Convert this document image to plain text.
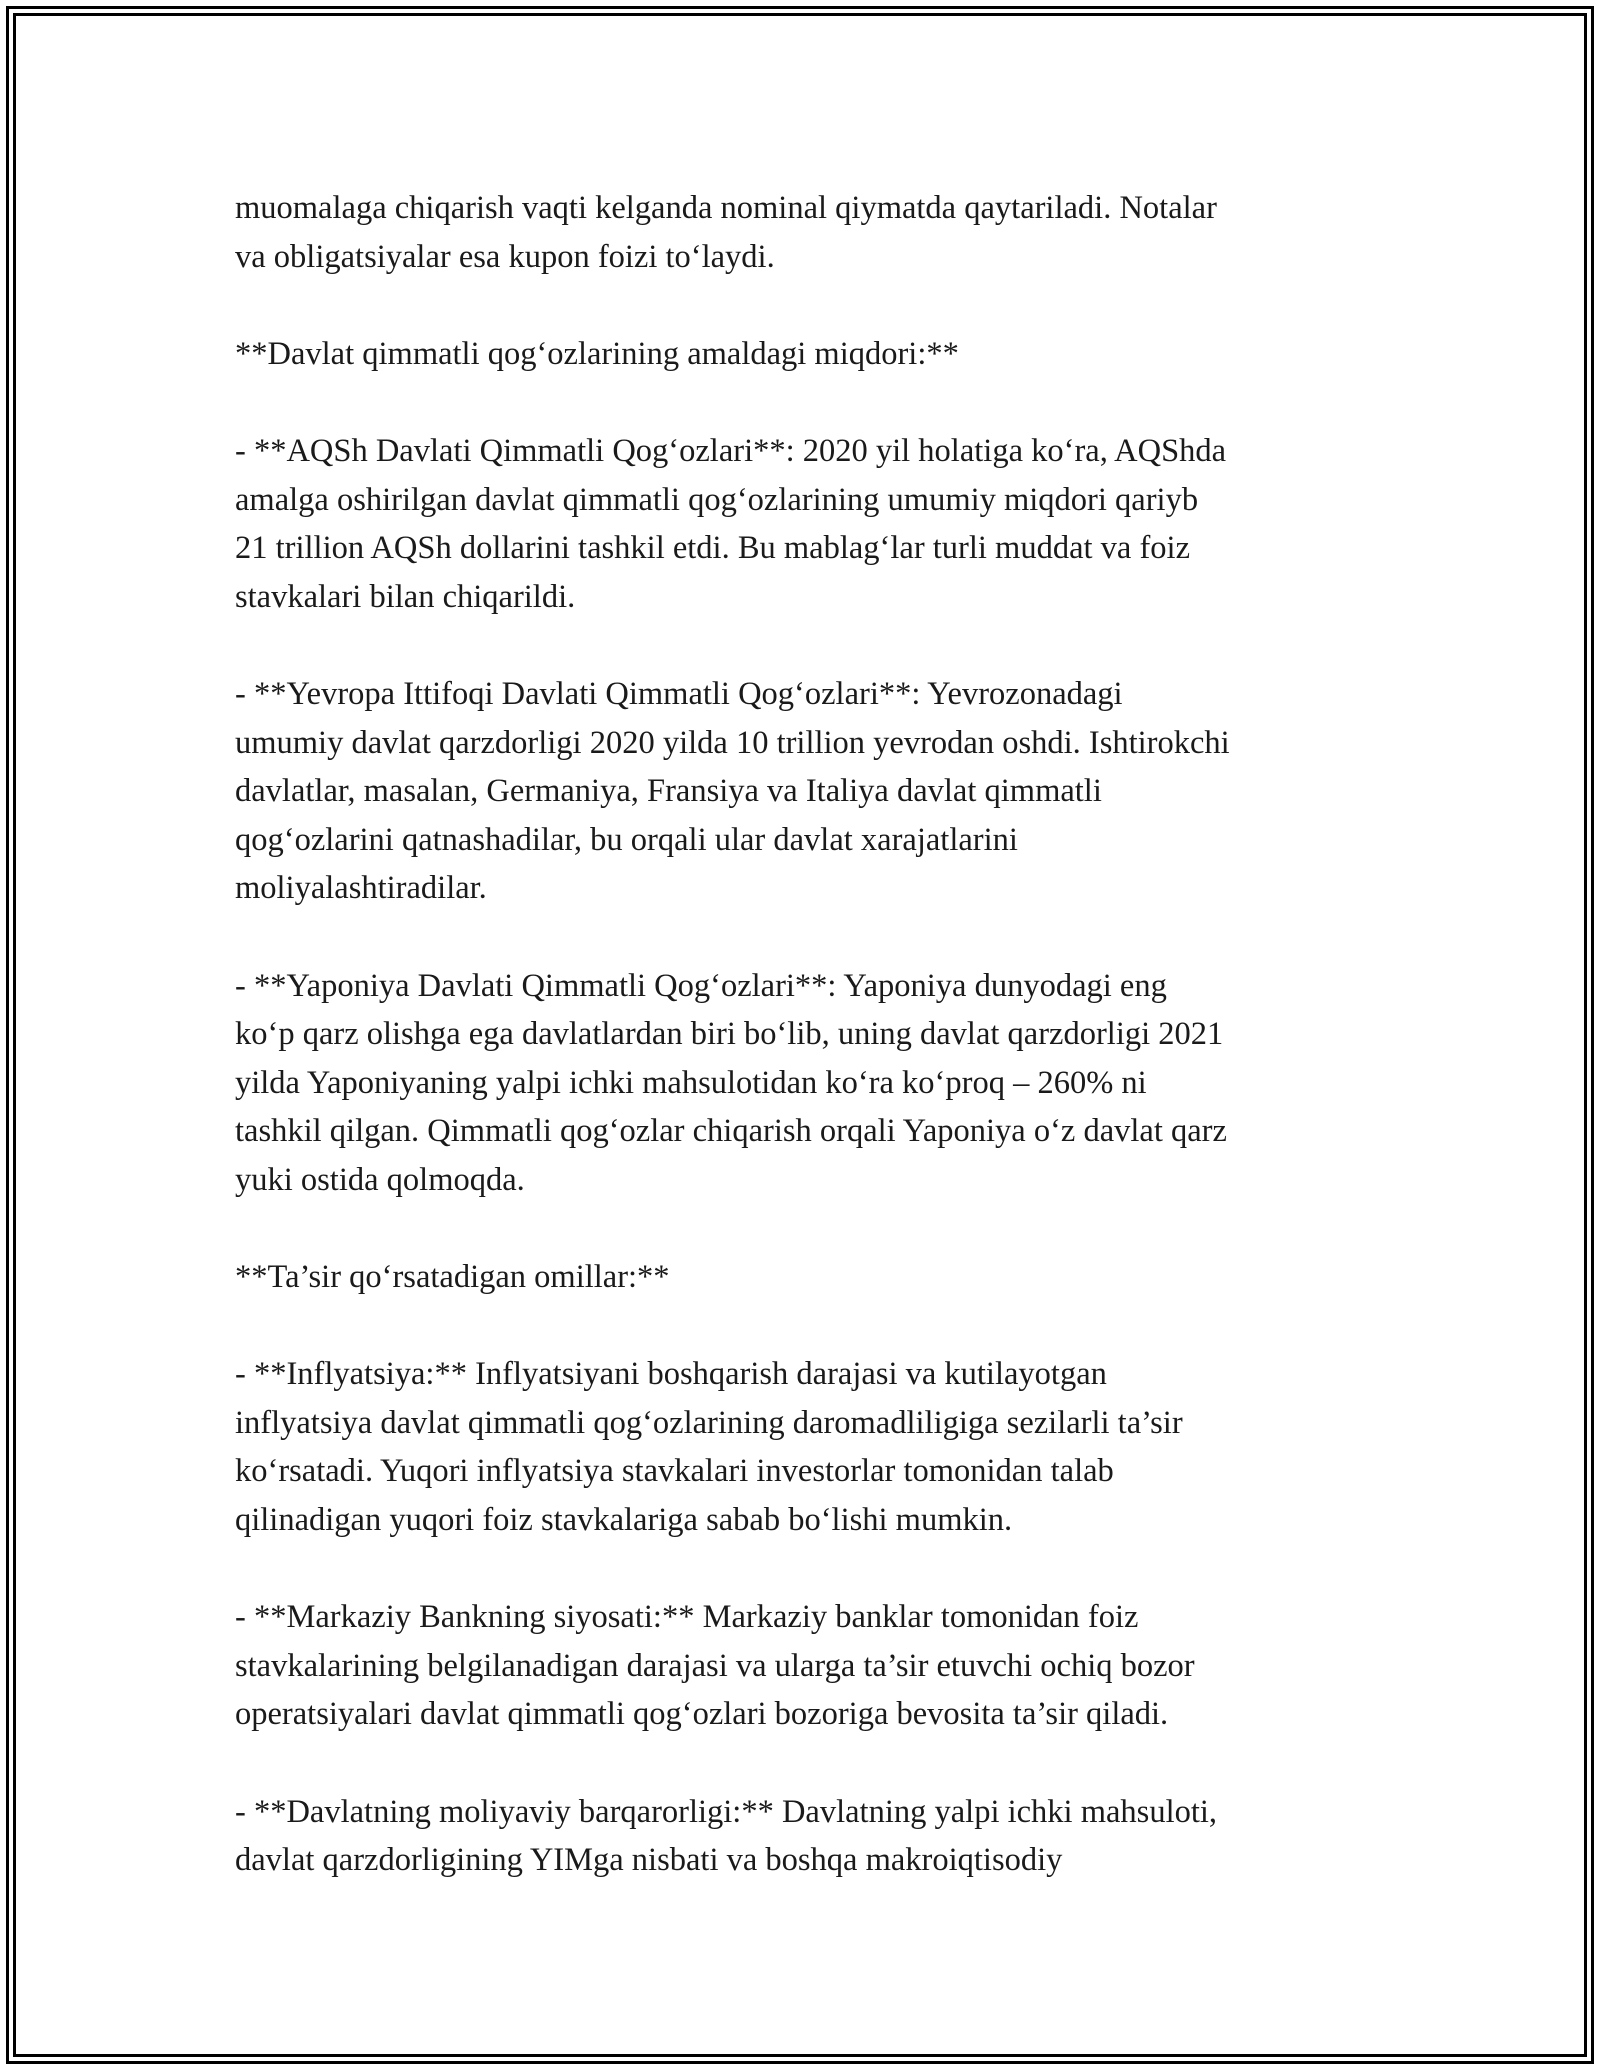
muomalaga chiqarish vaqti kelganda nominal qiymatda qaytariladi. Notalar
va obligatsiyalar esa kupon foizi to‘laydi.

**Davlat qimmatli qog‘ozlarining amaldagi miqdori:**

- **AQSh Davlati Qimmatli Qog‘ozlari**: 2020 yil holatiga ko‘ra, AQShda
amalga oshirilgan davlat qimmatli qog‘ozlarining umumiy miqdori qariyb
21 trillion AQSh dollarini tashkil etdi. Bu mablag‘lar turli muddat va foiz
stavkalari bilan chiqarildi.

- **Yevropa Ittifoqi Davlati Qimmatli Qog‘ozlari**: Yevrozonadagi
umumiy davlat qarzdorligi 2020 yilda 10 trillion yevrodan oshdi. Ishtirokchi
davlatlar, masalan, Germaniya, Fransiya va Italiya davlat qimmatli
qog‘ozlarini qatnashadilar, bu orqali ular davlat xarajatlarini
moliyalashtiradilar.

- **Yaponiya Davlati Qimmatli Qog‘ozlari**: Yaponiya dunyodagi eng
ko‘p qarz olishga ega davlatlardan biri bo‘lib, uning davlat qarzdorligi 2021
yilda Yaponiyaning yalpi ichki mahsulotidan ko‘ra ko‘proq – 260% ni
tashkil qilgan. Qimmatli qog‘ozlar chiqarish orqali Yaponiya o‘z davlat qarz
yuki ostida qolmoqda.

**Ta’sir qo‘rsatadigan omillar:**

- **Inflyatsiya:** Inflyatsiyani boshqarish darajasi va kutilayotgan
inflyatsiya davlat qimmatli qog‘ozlarining daromadliligiga sezilarli ta’sir
ko‘rsatadi. Yuqori inflyatsiya stavkalari investorlar tomonidan talab
qilinadigan yuqori foiz stavkalariga sabab bo‘lishi mumkin.

- **Markaziy Bankning siyosati:** Markaziy banklar tomonidan foiz
stavkalarining belgilanadigan darajasi va ularga ta’sir etuvchi ochiq bozor
operatsiyalari davlat qimmatli qog‘ozlari bozoriga bevosita ta’sir qiladi.

- **Davlatning moliyaviy barqarorligi:** Davlatning yalpi ichki mahsuloti,
davlat qarzdorligining YIMga nisbati va boshqa makroiqtisodiy
